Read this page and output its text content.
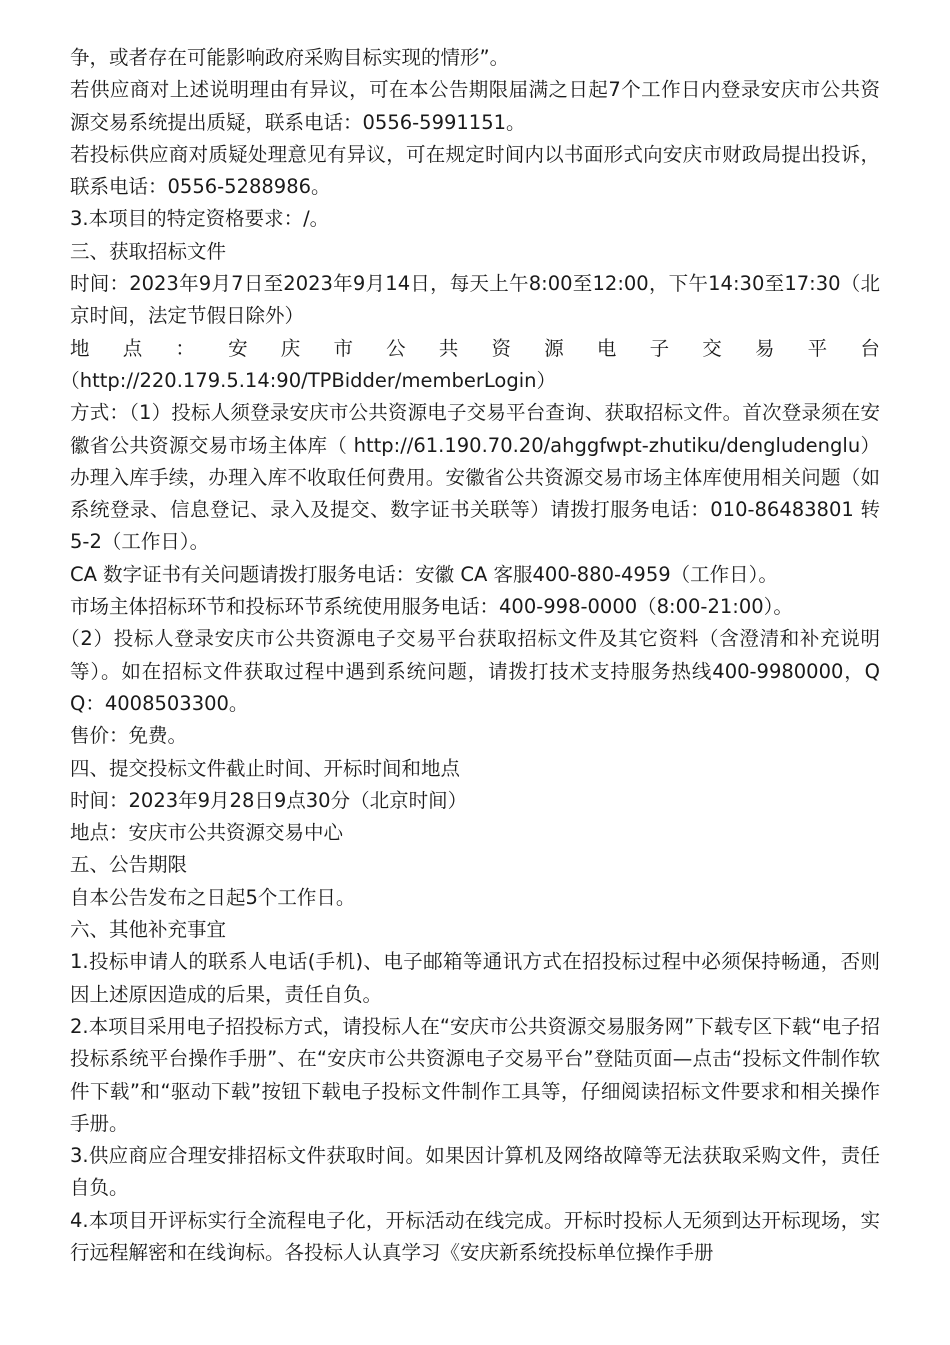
争，或者存在可能影响政府采购目标实现的情形”。

若供应商对上述说明理由有异议，可在本公告期限届满之日起7个工作日内登录安庆市公共资源交易系统提出质疑，联系电话：0556-5991151。

若投标供应商对质疑处理意见有异议，可在规定时间内以书面形式向安庆市财政局提出投诉，联系电话：0556-5288986。

3.本项目的特定资格要求：/。

三、获取招标文件

时间：2023年9月7日至2023年9月14日，每天上午8:00至12:00，下午14:30至17:30（北京时间，法定节假日除外）

地 点 ： 安 庆 市 公 共 资 源 电 子 交 易 平 台

（http://220.179.5.14:90/TPBidder/memberLogin）

方式：（1）投标人须登录安庆市公共资源电子交易平台查询、获取招标文件。首次登录须在安徽省公共资源交易市场主体库（ http://61.190.70.20/ahggfwpt-zhutiku/dengludenglu）办理入库手续，办理入库不收取任何费用。安徽省公共资源交易市场主体库使用相关问题（如系统登录、信息登记、录入及提交、数字证书关联等）请拨打服务电话：010-86483801 转 5-2（工作日）。

CA 数字证书有关问题请拨打服务电话：安徽 CA 客服400-880-4959（工作日）。

市场主体招标环节和投标环节系统使用服务电话：400-998-0000（8:00-21:00）。

（2）投标人登录安庆市公共资源电子交易平台获取招标文件及其它资料（含澄清和补充说明等）。如在招标文件获取过程中遇到系统问题，请拨打技术支持服务热线400-9980000，QQ：4008503300。

售价：免费。

四、提交投标文件截止时间、开标时间和地点

时间：2023年9月28日9点30分（北京时间）

地点：安庆市公共资源交易中心

五、公告期限

自本公告发布之日起5个工作日。

六、其他补充事宜

1.投标申请人的联系人电话(手机)、电子邮箱等通讯方式在招投标过程中必须保持畅通，否则因上述原因造成的后果，责任自负。

2.本项目采用电子招投标方式，请投标人在“安庆市公共资源交易服务网”下载专区下载“电子招投标系统平台操作手册”、在“安庆市公共资源电子交易平台”登陆页面—点击“投标文件制作软件下载”和“驱动下载”按钮下载电子投标文件制作工具等，仔细阅读招标文件要求和相关操作手册。

3.供应商应合理安排招标文件获取时间。如果因计算机及网络故障等无法获取采购文件，责任自负。

4.本项目开评标实行全流程电子化，开标活动在线完成。开标时投标人无须到达开标现场，实行远程解密和在线询标。各投标人认真学习《安庆新系统投标单位操作手册
